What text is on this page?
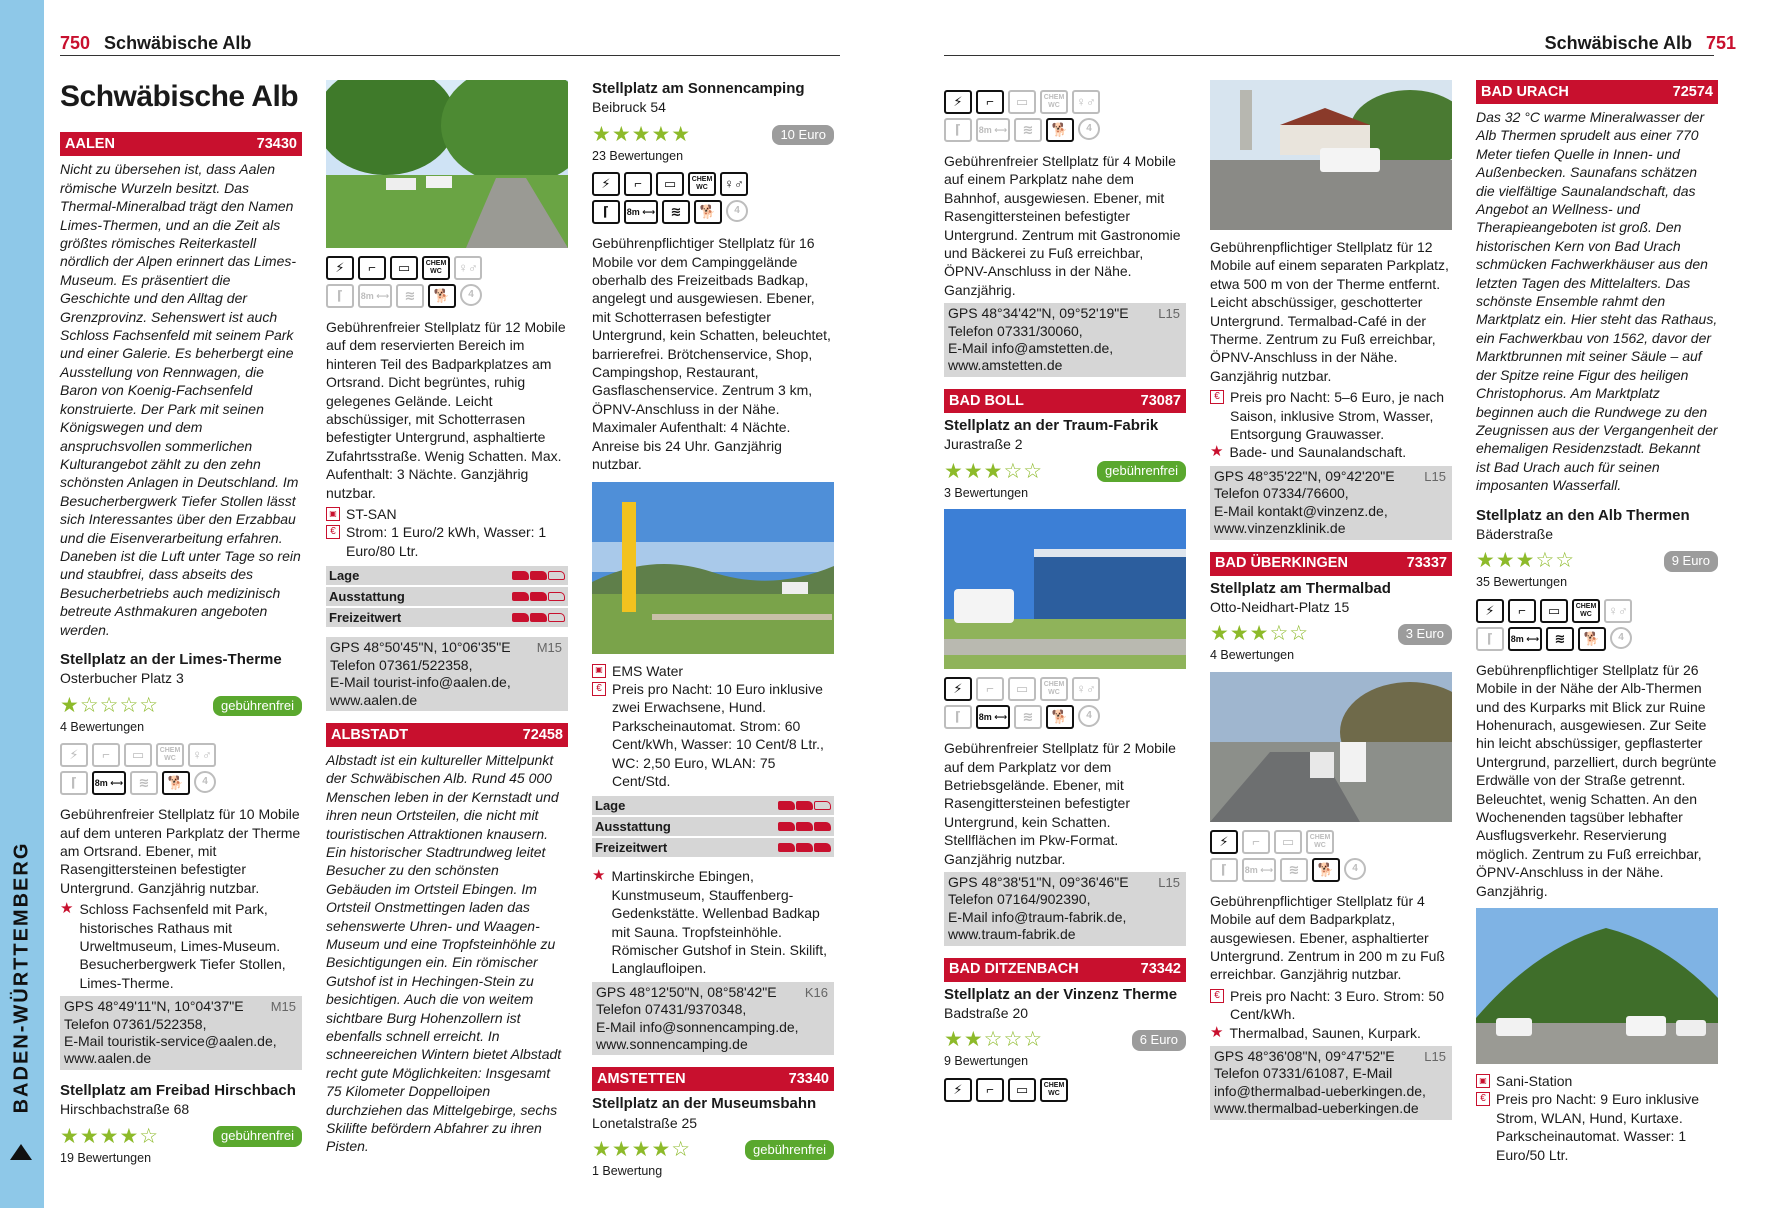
BADEN-WÜRTTEMBERG
750 Schwäbische Alb
Schwäbische Alb
AALEN	73430

Nicht zu übersehen ist, dass Aalen römische Wurzeln besitzt. Das Thermal-Mineralbad trägt den Namen Limes-Thermen, und an die Zeit als größtes römisches Reiterkastell nördlich der Alpen erinnert das Limes-Museum. Es präsentiert die Geschichte und den Alltag der Grenzprovinz. Sehenswert ist auch Schloss Fachsenfeld mit seinem Park und einer Galerie. Es beherbergt eine Ausstellung von Rennwagen, die Baron von Koenig-Fachsenfeld konstruierte. Der Park mit seinen Königswegen und dem anspruchsvollen sommerlichen Kulturangebot zählt zu den zehn schönsten Anlagen in Deutschland. Im Besucherbergwerk Tiefer Stollen lässt sich Interessantes über den Erzabbau und die Eisenverarbeitung erfahren. Daneben ist die Luft unter Tage so rein und staubfrei, dass abseits des Besucherbetriebs auch medizinisch betreute Asthmakuren angeboten werden.

Stellplatz an der Limes-Therme
Osterbucher Platz 3
★☆☆☆☆	gebührenfrei
4 Bewertungen
⚡	⌐	▭	CHEM
WC	♀♂
⌈	8m ⟷	≋	🐕	4
Gebührenfreier Stellplatz für 10 Mobile auf dem unteren Parkplatz der Therme am Ortsrand. Ebener, mit Rasengittersteinen befestigter Untergrund. Ganzjährig nutzbar.
★ Schloss Fachsenfeld mit Park, historisches Rathaus mit Urweltmuseum, Limes-Museum. Besucherbergwerk Tiefer Stollen, Limes-Therme.
M15
GPS 48°49'11"N, 10°04'37"E
Telefon 07361/522358,
E-Mail touristik-service@aalen.de,
www.aalen.de
Stellplatz am Freibad Hirschbach
Hirschbachstraße 68
★★★★☆	gebührenfrei
19 Bewertungen
⚡	⌐	▭	CHEM
WC	♀♂
⌈	8m ⟷	≋	🐕	4
Gebührenfreier Stellplatz für 12 Mobile auf dem reservierten Bereich im hinteren Teil des Badparkplatzes am Ortsrand. Dicht begrüntes, ruhig gelegenes Gelände. Leicht abschüssiger, mit Schotterrasen befestigter Untergrund, asphaltierte Zufahrtsstraße. Wenig Schatten. Max. Aufenthalt: 3 Nächte. Ganzjährig nutzbar.
▣ ST-SAN
€ Strom: 1 Euro/2 kWh, Wasser: 1 Euro/80 Ltr.
Lage
Ausstattung
Freizeitwert
M15
GPS 48°50'45"N, 10°06'35"E
Telefon 07361/522358,
E-Mail tourist-info@aalen.de,
www.aalen.de
ALBSTADT	72458

Albstadt ist ein kultureller Mittelpunkt der Schwäbischen Alb. Rund 45 000 Menschen leben in der Kernstadt und ihren neun Ortsteilen, die nicht mit touristischen Attraktionen knausern. Ein historischer Stadtrundweg leitet Besucher zu den schönsten Gebäuden im Ortsteil Ebingen. Im Ortsteil Onstmettingen laden das sehenswerte Uhren- und Waagen-Museum und eine Tropfsteinhöhle zu Besichtigungen ein. Ein römischer Gutshof ist in Hechingen-Stein zu besichtigen. Auch die von weitem sichtbare Burg Hohenzollern ist ebenfalls schnell erreicht. In schneereichen Wintern bietet Albstadt recht gute Möglichkeiten: Insgesamt 75 Kilometer Doppelloipen durchziehen das Mittelgebirge, sechs Skilifte befördern Abfahrer zu ihren Pisten.

Stellplatz am Sonnencamping
Beibruck 54
★★★★★	10 Euro
23 Bewertungen
⚡	⌐	▭	CHEM
WC	♀♂
⌈	8m ⟷	≋	🐕	4
Gebührenpflichtiger Stellplatz für 16 Mobile vor dem Campinggelände oberhalb des Freizeitbads Badkap, angelegt und ausgewiesen. Ebener, mit Schotterrasen befestigter Untergrund, kein Schatten, beleuchtet, barrierefrei. Brötchenservice, Shop, Campingshop, Restaurant, Gasflaschenservice. Zentrum 3 km, ÖPNV-Anschluss in der Nähe. Maximaler Aufenthalt: 4 Nächte. Anreise bis 24 Uhr. Ganzjährig nutzbar.
▣ EMS Water
€ Preis pro Nacht: 10 Euro inklusive zwei Erwachsene, Hund. Parkscheinautomat. Strom: 60 Cent/kWh, Wasser: 10 Cent/8 Ltr., WC: 2,50 Euro, WLAN: 75 Cent/Std.
Lage
Ausstattung
Freizeitwert
★ Martinskirche Ebingen, Kunstmuseum, Stauffenberg-Gedenkstätte. Wellenbad Badkap mit Sauna. Tropfsteinhöhle. Römischer Gutshof in Stein. Skilift, Langlaufloipen.
K16
GPS 48°12'50"N, 08°58'42"E
Telefon 07431/9370348,
E-Mail info@sonnencamping.de,
www.sonnencamping.de
AMSTETTEN	73340
Stellplatz an der Museumsbahn
Lonetalstraße 25
★★★★☆	gebührenfrei
1 Bewertung
Schwäbische Alb 751
⚡	⌐	▭	CHEM
WC	♀♂
⌈	8m ⟷	≋	🐕	4
Gebührenfreier Stellplatz für 4 Mobile auf einem Parkplatz nahe dem Bahnhof, ausgewiesen. Ebener, mit Rasengittersteinen befestigter Untergrund. Zentrum mit Gastronomie und Bäckerei zu Fuß erreichbar, ÖPNV-Anschluss in der Nähe. Ganzjährig.
L15
GPS 48°34'42"N, 09°52'19"E
Telefon 07331/30060,
E-Mail info@amstetten.de,
www.amstetten.de
BAD BOLL	73087
Stellplatz an der Traum-Fabrik
Jurastraße 2
★★★☆☆	gebührenfrei
3 Bewertungen
⚡	⌐	▭	CHEM
WC	♀♂
⌈	8m ⟷	≋	🐕	4
Gebührenfreier Stellplatz für 2 Mobile auf dem Parkplatz vor dem Betriebsgelände. Ebener, mit Rasengittersteinen befestigter Untergrund, kein Schatten. Stellflächen im Pkw-Format. Ganzjährig nutzbar.
L15
GPS 48°38'51"N, 09°36'46"E
Telefon 07164/902390,
E-Mail info@traum-fabrik.de,
www.traum-fabrik.de
BAD DITZENBACH	73342
Stellplatz an der Vinzenz Therme
Badstraße 20
★★☆☆☆	6 Euro
9 Bewertungen
⚡	⌐	▭	CHEM
WC
Gebührenpflichtiger Stellplatz für 12 Mobile auf einem separaten Parkplatz, etwa 500 m von der Therme entfernt. Leicht abschüssiger, geschotterter Untergrund. Termalbad-Café in der Therme. Zentrum zu Fuß erreichbar, ÖPNV-Anschluss in der Nähe. Ganzjährig nutzbar.
€ Preis pro Nacht: 5–6 Euro, je nach Saison, inklusive Strom, Wasser, Entsorgung Grauwasser.
★ Bade- und Saunalandschaft.
L15
GPS 48°35'22"N, 09°42'20"E
Telefon 07334/76600,
E-Mail kontakt@vinzenz.de,
www.vinzenzklinik.de
BAD ÜBERKINGEN	73337
Stellplatz am Thermalbad
Otto-Neidhart-Platz 15
★★★☆☆	3 Euro
4 Bewertungen
⚡	⌐	▭	CHEM
WC
⌈	8m ⟷	≋	🐕	4
Gebührenpflichtiger Stellplatz für 4 Mobile auf dem Badparkplatz, ausgewiesen. Ebener, asphaltierter Untergrund. Zentrum in 200 m zu Fuß erreichbar. Ganzjährig nutzbar.
€ Preis pro Nacht: 3 Euro. Strom: 50 Cent/kWh.
★ Thermalbad, Saunen, Kurpark.
L15
GPS 48°36'08"N, 09°47'52"E
Telefon 07331/61087, E-Mail
info@thermalbad-ueberkingen.de,
www.thermalbad-ueberkingen.de
BAD URACH	72574

Das 32 °C warme Mineralwasser der Alb Thermen sprudelt aus einer 770 Meter tiefen Quelle in Innen- und Außenbecken. Saunafans schätzen die vielfältige Saunalandschaft, das Angebot an Wellness- und Therapieangeboten ist groß. Den historischen Kern von Bad Urach schmücken Fachwerkhäuser aus den letzten Tagen des Mittelalters. Das schönste Ensemble rahmt den Marktplatz ein. Hier steht das Rathaus, ein Fachwerkbau von 1562, davor der Marktbrunnen mit seiner Säule – auf der Spitze reine Figur des heiligen Christophorus. Am Marktplatz beginnen auch die Rundwege zu den Zeugnissen aus der Vergangenheit der ehemaligen Residenzstadt. Bekannt ist Bad Urach auch für seinen imposanten Wasserfall.

Stellplatz an den Alb Thermen
Bäderstraße
★★★☆☆	9 Euro
35 Bewertungen
⚡	⌐	▭	CHEM
WC	♀♂
⌈	8m ⟷	≋	🐕	4
Gebührenpflichtiger Stellplatz für 26 Mobile in der Nähe der Alb-Thermen und des Kurparks mit Blick zur Ruine Hohenurach, ausgewiesen. Zur Seite hin leicht abschüssiger, gepflasterter Untergrund, parzelliert, durch begrünte Erdwälle von der Straße getrennt. Beleuchtet, wenig Schatten. An den Wochenenden tagsüber lebhafter Ausflugsverkehr. Reservierung möglich. Zentrum zu Fuß erreichbar, ÖPNV-Anschluss in der Nähe. Ganzjährig.
▣ Sani-Station
€ Preis pro Nacht: 9 Euro inklusive Strom, WLAN, Hund, Kurtaxe. Parkscheinautomat. Wasser: 1 Euro/50 Ltr.
